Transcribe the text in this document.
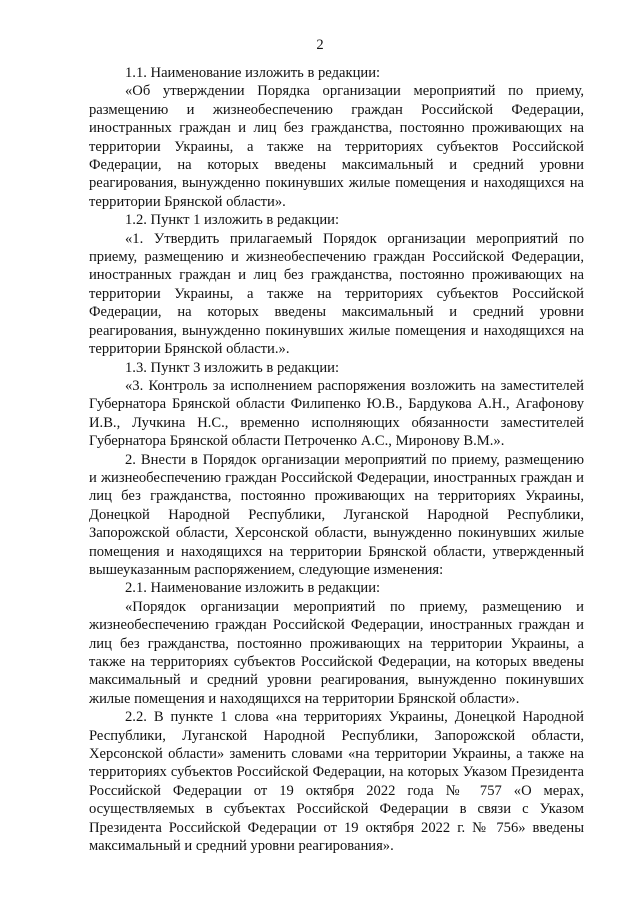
2

1.1. Наименование изложить в редакции:

«Об утверждении Порядка организации мероприятий по приему, размещению и жизнеобеспечению граждан Российской Федерации, иностранных граждан и лиц без гражданства, постоянно проживающих на территории Украины, а также на территориях субъектов Российской Федерации, на которых введены максимальный и средний уровни реагирования, вынужденно покинувших жилые помещения и находящихся на территории Брянской области».

1.2. Пункт 1 изложить в редакции:

«1. Утвердить прилагаемый Порядок организации мероприятий по приему, размещению и жизнеобеспечению граждан Российской Федерации, иностранных граждан и лиц без гражданства, постоянно проживающих на территории Украины, а также на территориях субъектов Российской Федерации, на которых введены максимальный и средний уровни реагирования, вынужденно покинувших жилые помещения и находящихся на территории Брянской области.».

1.3. Пункт 3 изложить в редакции:

«3. Контроль за исполнением распоряжения возложить на заместителей Губернатора Брянской области Филипенко Ю.В., Бардукова А.Н., Агафонову И.В., Лучкина Н.С., временно исполняющих обязанности заместителей Губернатора Брянской области Петроченко А.С., Миронову В.М.».

2. Внести в Порядок организации мероприятий по приему, размещению и жизнеобеспечению граждан Российской Федерации, иностранных граждан и лиц без гражданства, постоянно проживающих на территориях Украины, Донецкой Народной Республики, Луганской Народной Республики, Запорожской области, Херсонской области, вынужденно покинувших жилые помещения и находящихся на территории Брянской области, утвержденный вышеуказанным распоряжением, следующие изменения:

2.1. Наименование изложить в редакции:

«Порядок организации мероприятий по приему, размещению и жизнеобеспечению граждан Российской Федерации, иностранных граждан и лиц без гражданства, постоянно проживающих на территории Украины, а также на территориях субъектов Российской Федерации, на которых введены максимальный и средний уровни реагирования, вынужденно покинувших жилые помещения и находящихся на территории Брянской области».

2.2. В пункте 1 слова «на территориях Украины, Донецкой Народной Республики, Луганской Народной Республики, Запорожской области, Херсонской области» заменить словами «на территории Украины, а также на территориях субъектов Российской Федерации, на которых Указом Президента Российской Федерации от 19 октября 2022 года № 757 «О мерах, осуществляемых в субъектах Российской Федерации в связи с Указом Президента Российской Федерации от 19 октября 2022 г. № 756» введены максимальный и средний уровни реагирования».
